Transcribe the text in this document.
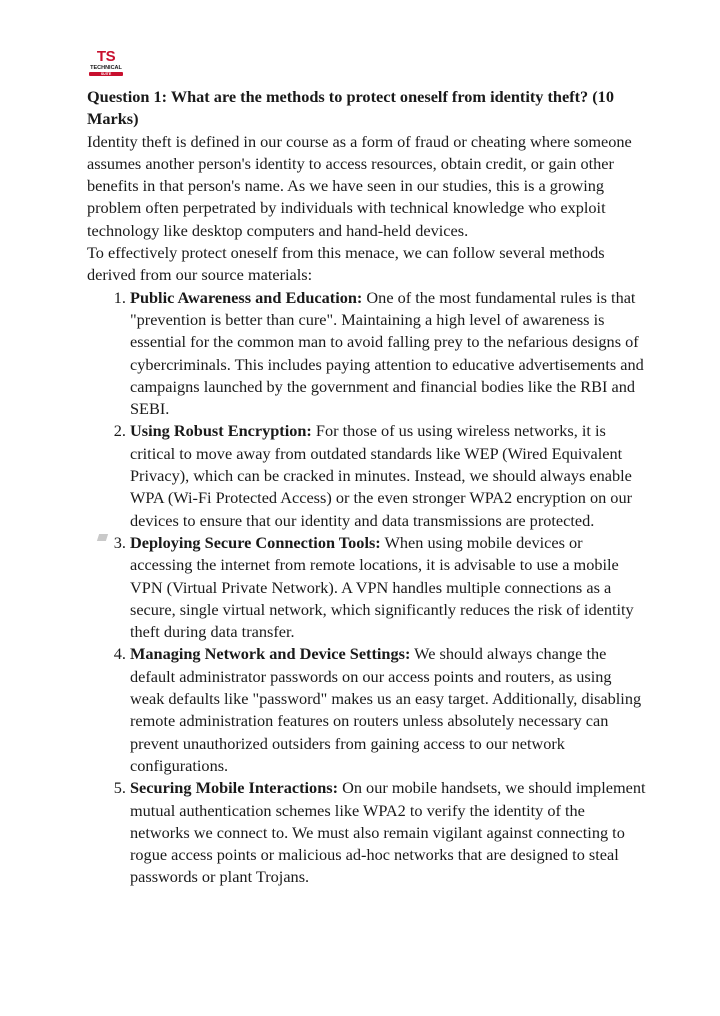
TS
TECHNICAL
SUITE

Question 1: What are the methods to protect oneself from identity theft? (10 Marks)

Identity theft is defined in our course as a form of fraud or cheating where someone assumes another person's identity to access resources, obtain credit, or gain other benefits in that person's name. As we have seen in our studies, this is a growing problem often perpetrated by individuals with technical knowledge who exploit technology like desktop computers and hand-held devices.

To effectively protect oneself from this menace, we can follow several methods derived from our source materials:

1. Public Awareness and Education: One of the most fundamental rules is that "prevention is better than cure". Maintaining a high level of awareness is essential for the common man to avoid falling prey to the nefarious designs of cybercriminals. This includes paying attention to educative advertisements and campaigns launched by the government and financial bodies like the RBI and SEBI.
2. Using Robust Encryption: For those of us using wireless networks, it is critical to move away from outdated standards like WEP (Wired Equivalent Privacy), which can be cracked in minutes. Instead, we should always enable WPA (Wi-Fi Protected Access) or the even stronger WPA2 encryption on our devices to ensure that our identity and data transmissions are protected.
3. Deploying Secure Connection Tools: When using mobile devices or accessing the internet from remote locations, it is advisable to use a mobile VPN (Virtual Private Network). A VPN handles multiple connections as a secure, single virtual network, which significantly reduces the risk of identity theft during data transfer.
4. Managing Network and Device Settings: We should always change the default administrator passwords on our access points and routers, as using weak defaults like "password" makes us an easy target. Additionally, disabling remote administration features on routers unless absolutely necessary can prevent unauthorized outsiders from gaining access to our network configurations.
5. Securing Mobile Interactions: On our mobile handsets, we should implement mutual authentication schemes like WPA2 to verify the identity of the networks we connect to. We must also remain vigilant against connecting to rogue access points or malicious ad-hoc networks that are designed to steal passwords or plant Trojans.
